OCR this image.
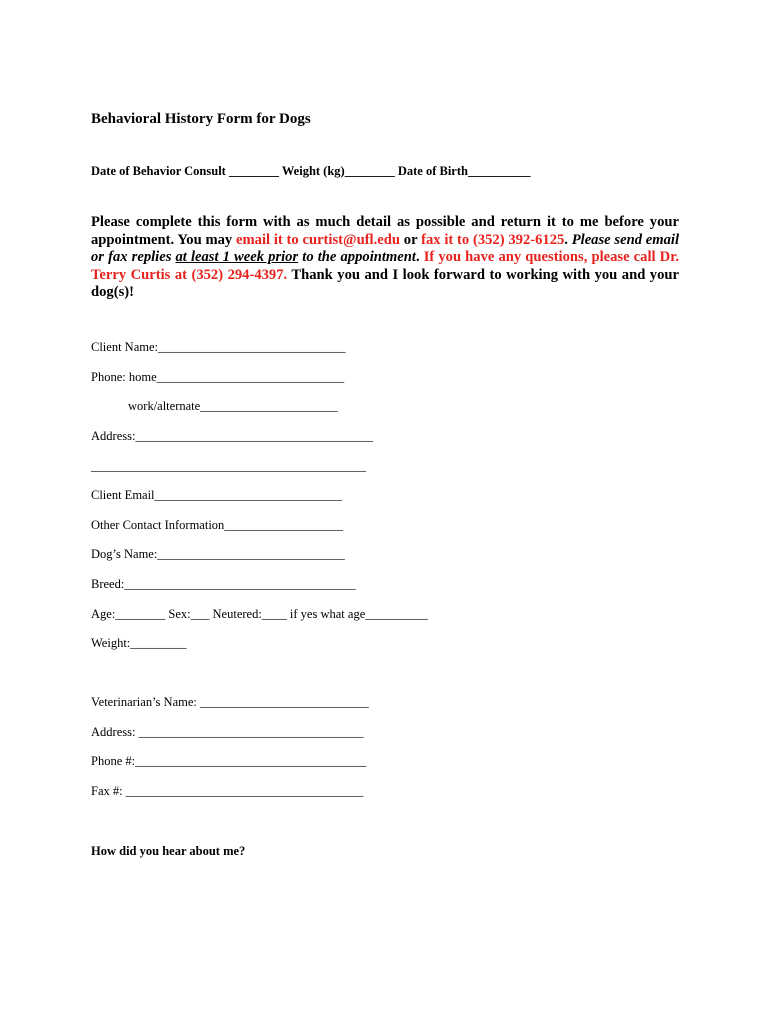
Behavioral History Form for Dogs
Date of Behavior Consult ________ Weight (kg)________ Date of Birth__________
Please complete this form with as much detail as possible and return it to me before your appointment. You may email it to curtist@ufl.edu or fax it to (352) 392-6125. Please send email or fax replies at least 1 week prior to the appointment. If you have any questions, please call Dr. Terry Curtis at (352) 294-4397. Thank you and I look forward to working with you and your dog(s)!
Client Name:______________________________
Phone: home______________________________
work/alternate______________________
Address:______________________________________
____________________________________________
Client Email______________________________
Other Contact Information___________________
Dog’s Name:______________________________
Breed:_____________________________________
Age:________ Sex:___ Neutered:____ if yes what age__________
Weight:_________
Veterinarian’s Name: ___________________________
Address: ____________________________________
Phone #:_____________________________________
Fax #: ______________________________________
How did you hear about me?
